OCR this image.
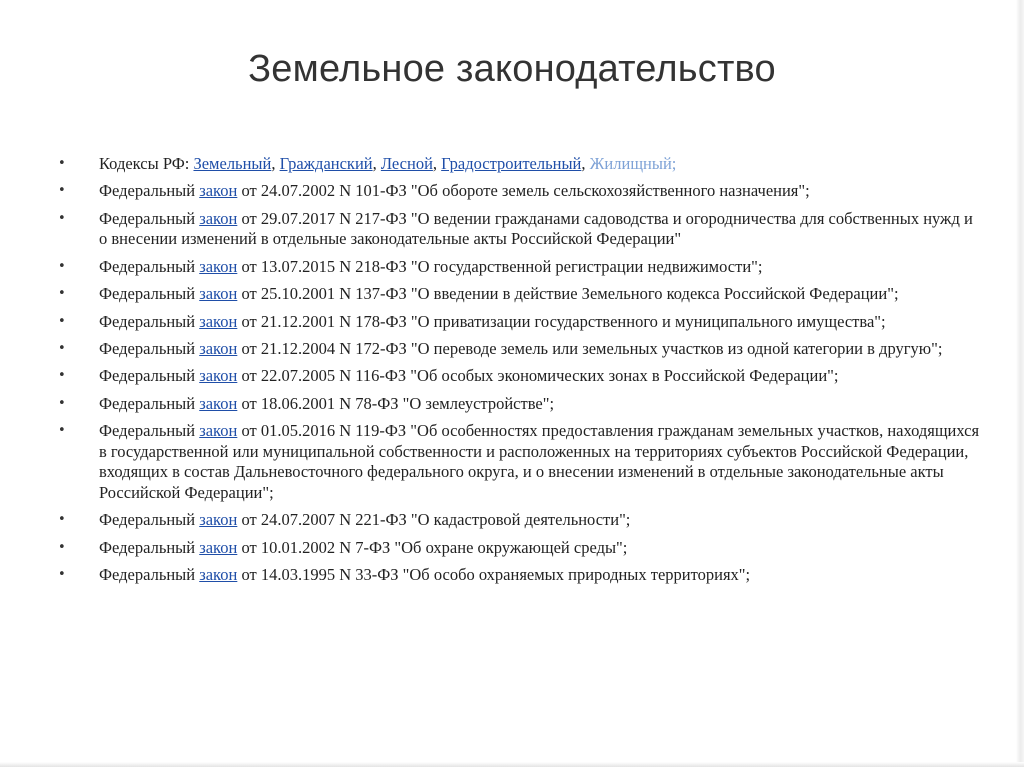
Земельное законодательство
• Кодексы РФ: Земельный, Гражданский, Лесной, Градостроительный, Жилищный;
• Федеральный закон от 24.07.2002 N 101-ФЗ "Об обороте земель сельскохозяйственного назначения";
• Федеральный закон от 29.07.2017 N 217-ФЗ "О ведении гражданами садоводства и огородничества для собственных нужд и о внесении изменений в отдельные законодательные акты Российской Федерации"
• Федеральный закон от 13.07.2015 N 218-ФЗ "О государственной регистрации недвижимости";
• Федеральный закон от 25.10.2001 N 137-ФЗ "О введении в действие Земельного кодекса Российской Федерации";
• Федеральный закон от 21.12.2001 N 178-ФЗ "О приватизации государственного и муниципального имущества";
• Федеральный закон от 21.12.2004 N 172-ФЗ "О переводе земель или земельных участков из одной категории в другую";
• Федеральный закон от 22.07.2005 N 116-ФЗ "Об особых экономических зонах в Российской Федерации";
• Федеральный закон от 18.06.2001 N 78-ФЗ "О землеустройстве";
• Федеральный закон от 01.05.2016 N 119-ФЗ "Об особенностях предоставления гражданам земельных участков, находящихся в государственной или муниципальной собственности и расположенных на территориях субъектов Российской Федерации, входящих в состав Дальневосточного федерального округа, и о внесении изменений в отдельные законодательные акты Российской Федерации";
• Федеральный закон от 24.07.2007 N 221-ФЗ "О кадастровой деятельности";
• Федеральный закон от 10.01.2002 N 7-ФЗ "Об охране окружающей среды";
• Федеральный закон от 14.03.1995 N 33-ФЗ "Об особо охраняемых природных территориях";
